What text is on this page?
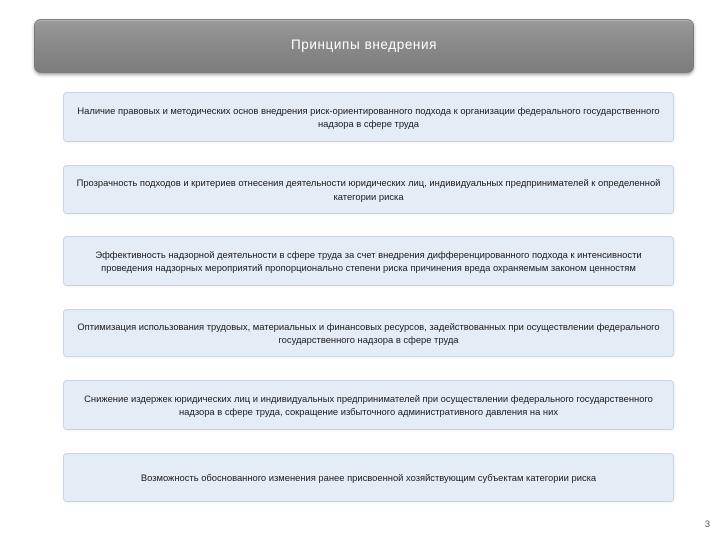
Принципы внедрения
Наличие правовых и методических основ внедрения риск-ориентированного подхода к организации федерального государственного надзора в сфере труда
Прозрачность подходов и критериев отнесения деятельности юридических лиц, индивидуальных предпринимателей к определенной категории риска
Эффективность надзорной деятельности в сфере труда за счет внедрения дифференцированного подхода к интенсивности проведения надзорных мероприятий пропорционально степени риска причинения вреда охраняемым законом ценностям
Оптимизация использования трудовых, материальных и финансовых ресурсов, задействованных при осуществлении федерального государственного надзора в сфере труда
Снижение издержек юридических лиц и индивидуальных предпринимателей при осуществлении федерального государственного надзора в сфере труда, сокращение избыточного административного давления на них
Возможность обоснованного изменения ранее присвоенной хозяйствующим субъектам категории риска
3
